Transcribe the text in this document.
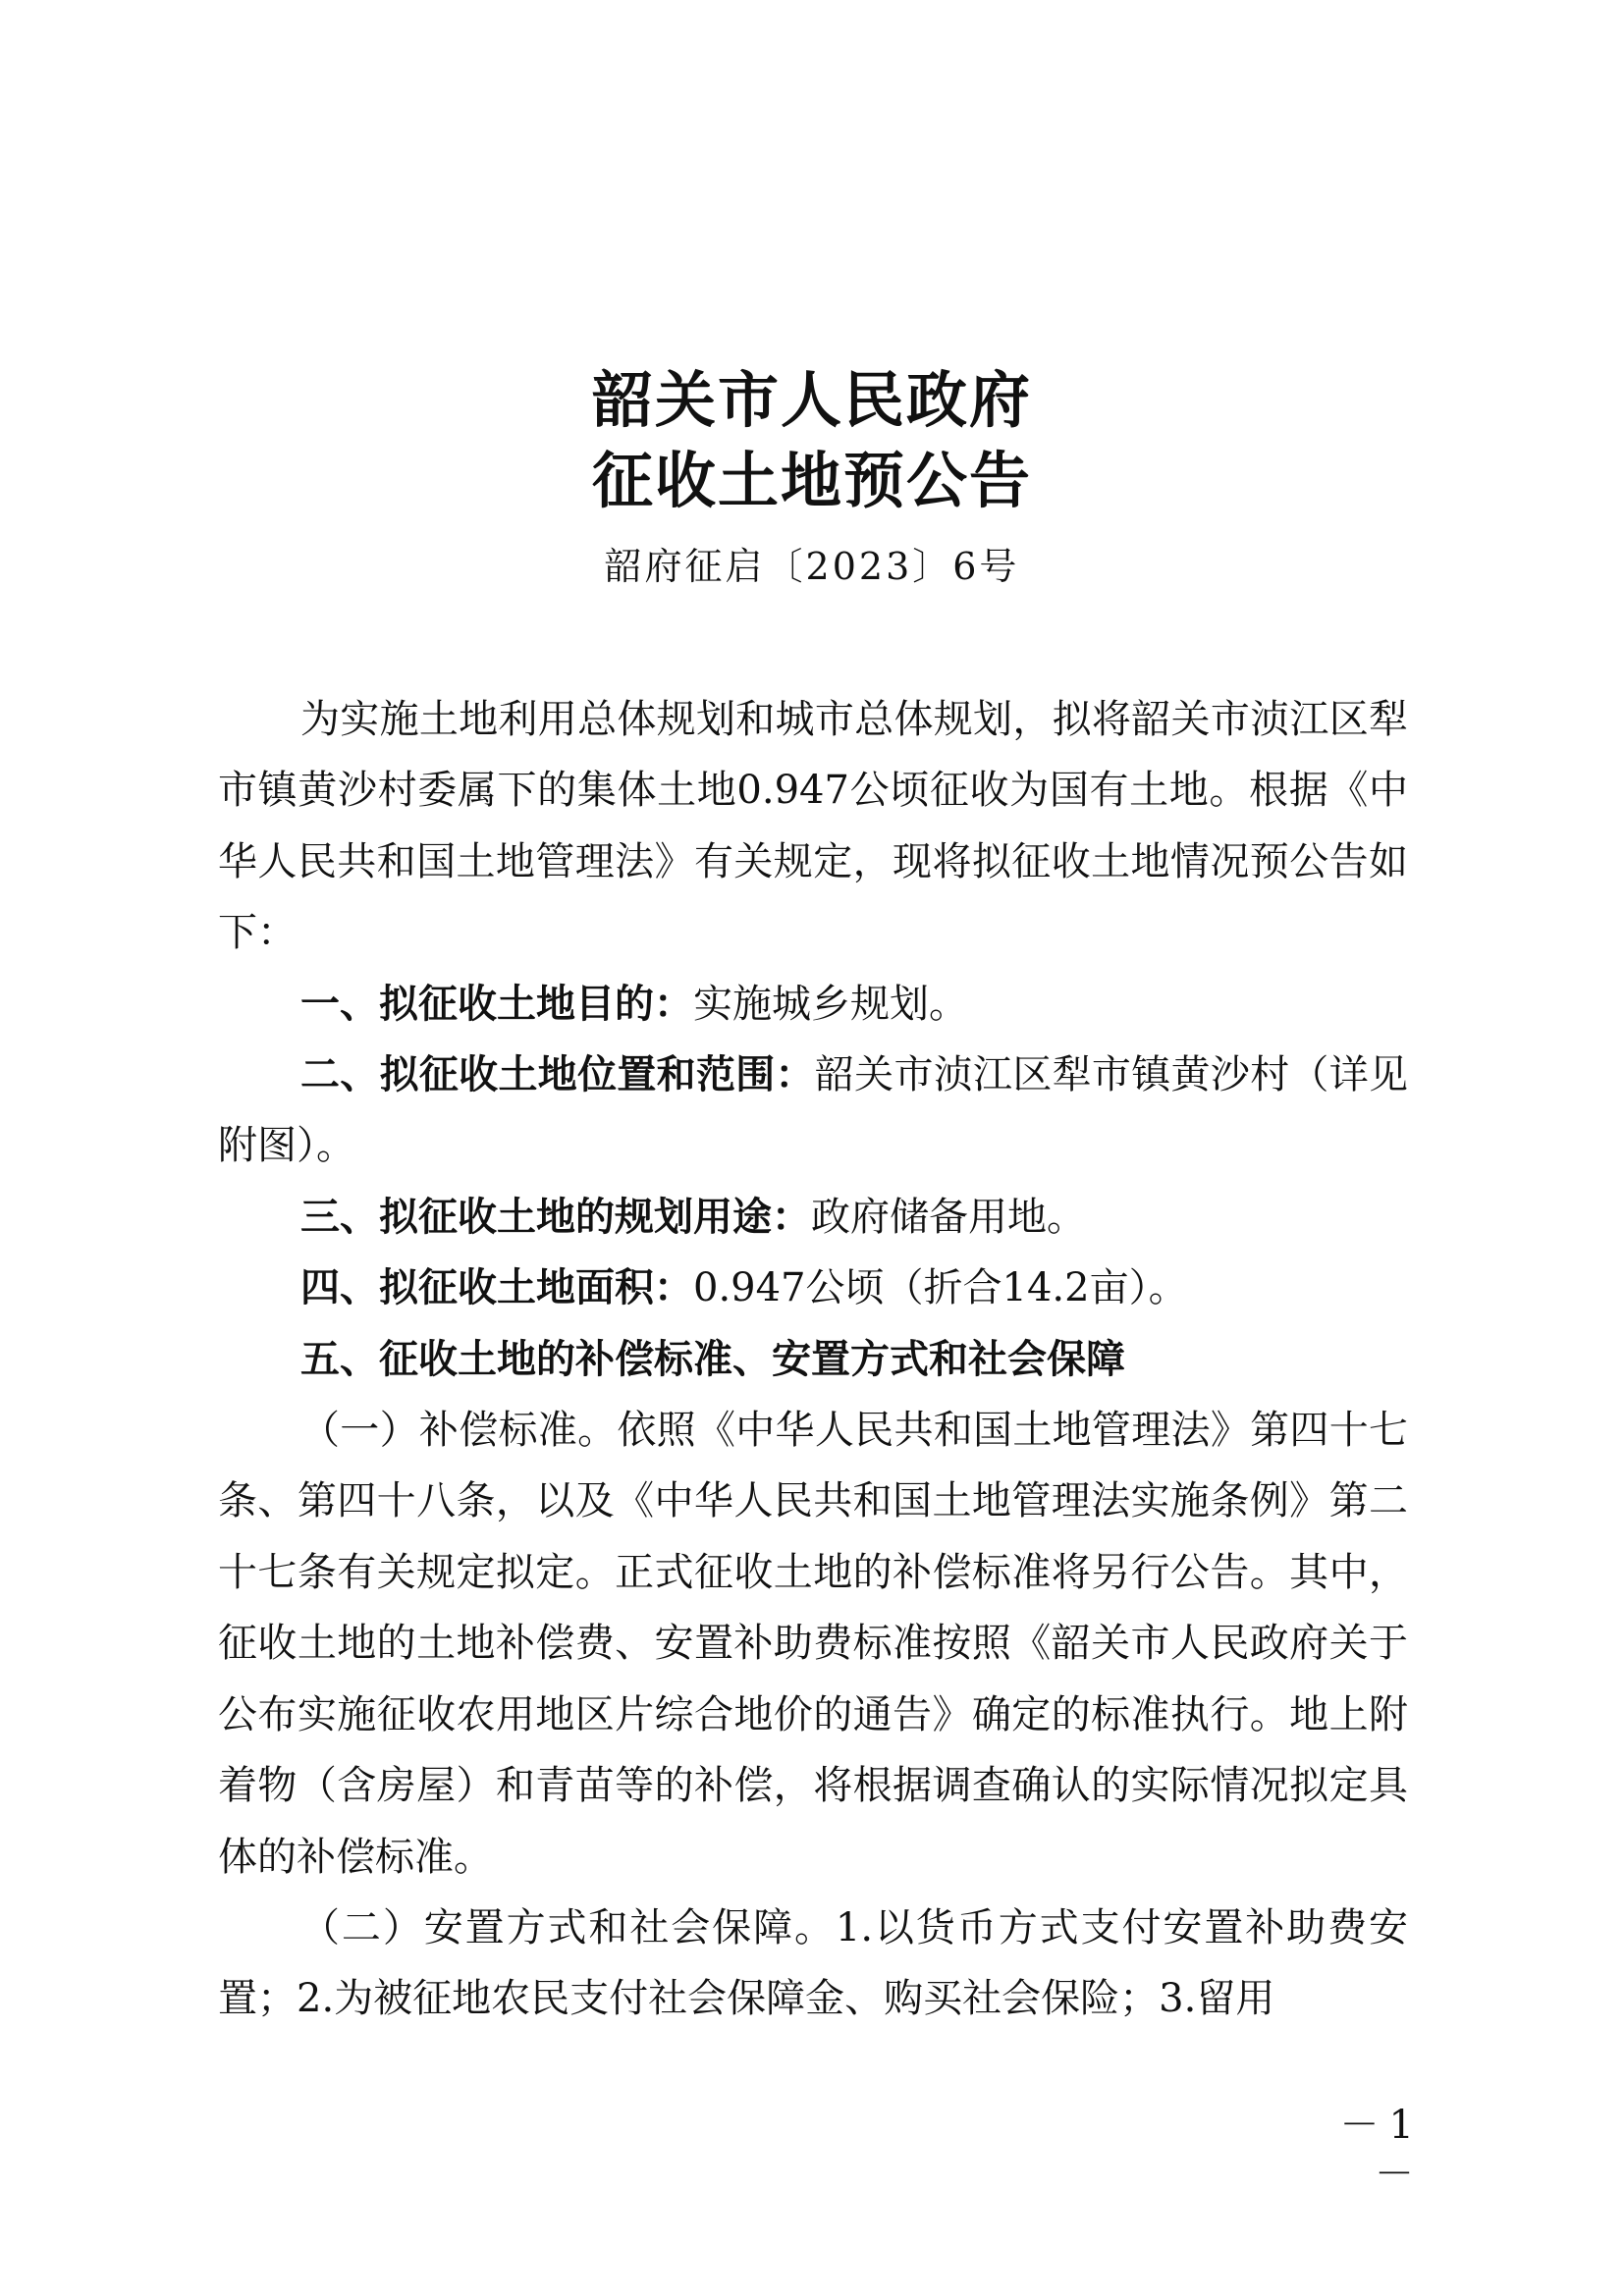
韶关市人民政府
征收土地预公告
韶府征启〔2023〕6号

为实施土地利用总体规划和城市总体规划，拟将韶关市浈江区犁市镇黄沙村委属下的集体土地0.947公顷征收为国有土地。根据《中华人民共和国土地管理法》有关规定，现将拟征收土地情况预公告如下：

一、拟征收土地目的：实施城乡规划。

二、拟征收土地位置和范围：韶关市浈江区犁市镇黄沙村（详见附图）。

三、拟征收土地的规划用途：政府储备用地。

四、拟征收土地面积：0.947公顷（折合14.2亩）。

五、征收土地的补偿标准、安置方式和社会保障

（一）补偿标准。依照《中华人民共和国土地管理法》第四十七条、第四十八条，以及《中华人民共和国土地管理法实施条例》第二十七条有关规定拟定。正式征收土地的补偿标准将另行公告。其中，征收土地的土地补偿费、安置补助费标准按照《韶关市人民政府关于公布实施征收农用地区片综合地价的通告》确定的标准执行。地上附着物（含房屋）和青苗等的补偿，将根据调查确认的实际情况拟定具体的补偿标准。

（二）安置方式和社会保障。1.以货币方式支付安置补助费安置；2.为被征地农民支付社会保障金、购买社会保险；3.留用

－1－
